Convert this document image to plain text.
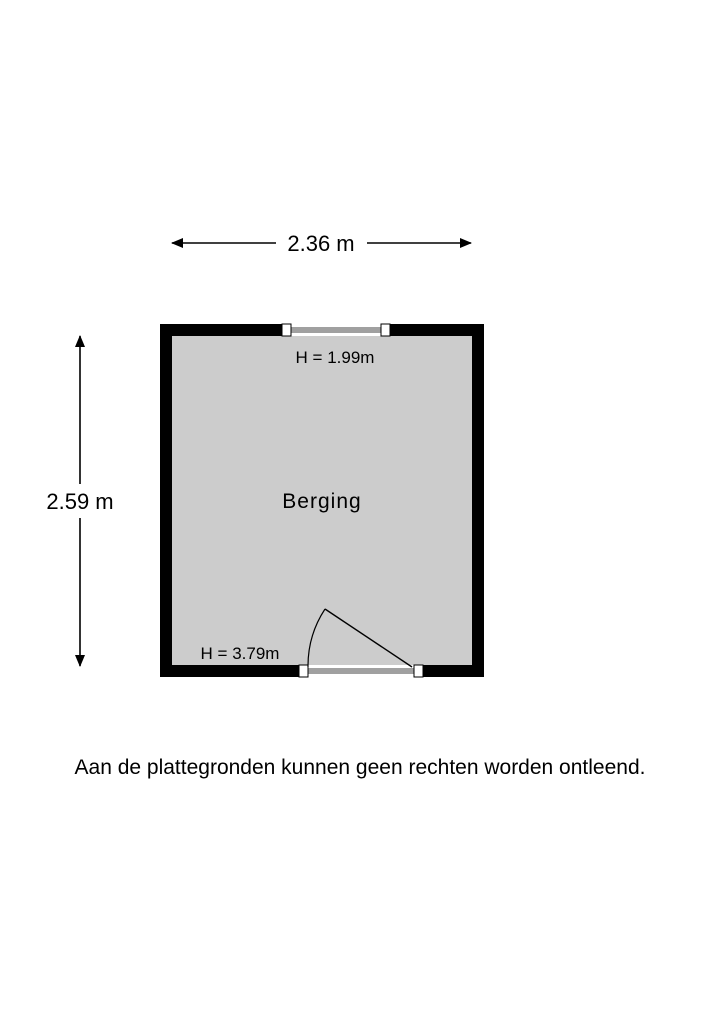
2.36 m
2.59 m
H = 1.99m
Berging
H = 3.79m

Aan de plattegronden kunnen geen rechten worden ontleend.
